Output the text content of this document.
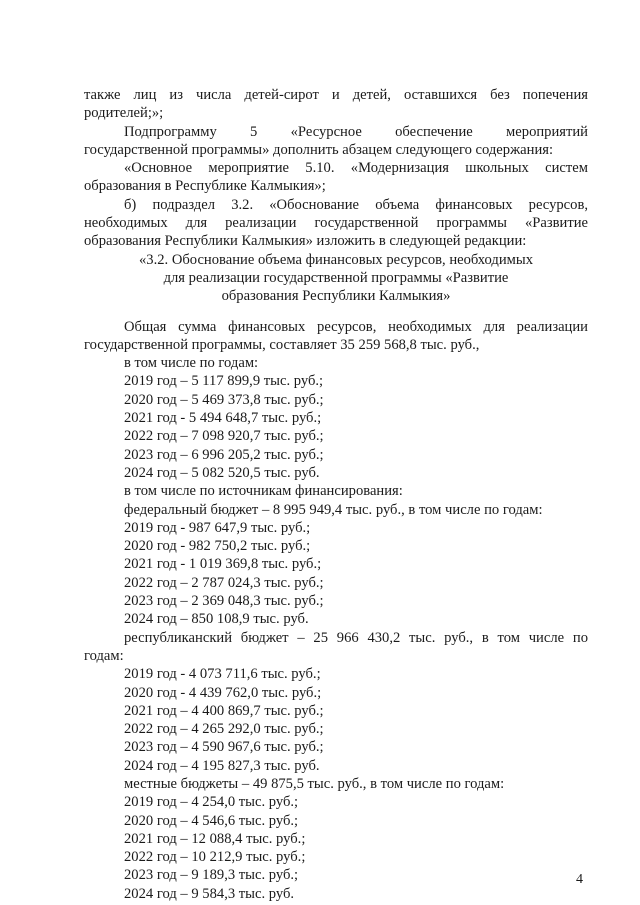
также лиц из числа детей-сирот и детей, оставшихся без попечения
родителей;»;
Подпрограмму 5 «Ресурсное обеспечение мероприятий
государственной программы» дополнить абзацем следующего содержания:
«Основное мероприятие 5.10. «Модернизация школьных систем
образования в Республике Калмыкия»;
б) подраздел 3.2. «Обоснование объема финансовых ресурсов,
необходимых для реализации государственной программы «Развитие
образования Республики Калмыкия» изложить в следующей редакции:
«3.2. Обоснование объема финансовых ресурсов, необходимых
для реализации государственной программы «Развитие
образования Республики Калмыкия»
Общая сумма финансовых ресурсов, необходимых для реализации
государственной программы, составляет 35 259 568,8 тыс. руб.,
в том числе по годам:
2019 год – 5 117 899,9 тыс. руб.;
2020 год – 5 469 373,8 тыс. руб.;
2021 год - 5 494 648,7 тыс. руб.;
2022 год – 7 098 920,7 тыс. руб.;
2023 год – 6 996 205,2 тыс. руб.;
2024 год – 5 082 520,5 тыс. руб.
в том числе по источникам финансирования:
федеральный бюджет – 8 995 949,4 тыс. руб., в том числе по годам:
2019 год - 987 647,9 тыс. руб.;
2020 год - 982 750,2 тыс. руб.;
2021 год - 1 019 369,8 тыс. руб.;
2022 год – 2 787 024,3 тыс. руб.;
2023 год – 2 369 048,3 тыс. руб.;
2024 год – 850 108,9 тыс. руб.
республиканский бюджет – 25 966 430,2 тыс. руб., в том числе по
годам:
2019 год - 4 073 711,6 тыс. руб.;
2020 год - 4 439 762,0 тыс. руб.;
2021 год – 4 400 869,7 тыс. руб.;
2022 год – 4 265 292,0 тыс. руб.;
2023 год – 4 590 967,6 тыс. руб.;
2024 год – 4 195 827,3 тыс. руб.
местные бюджеты – 49 875,5 тыс. руб., в том числе по годам:
2019 год – 4 254,0 тыс. руб.;
2020 год – 4 546,6 тыс. руб.;
2021 год – 12 088,4 тыс. руб.;
2022 год – 10 212,9 тыс. руб.;
2023 год – 9 189,3 тыс. руб.;
2024 год – 9 584,3 тыс. руб.
4
